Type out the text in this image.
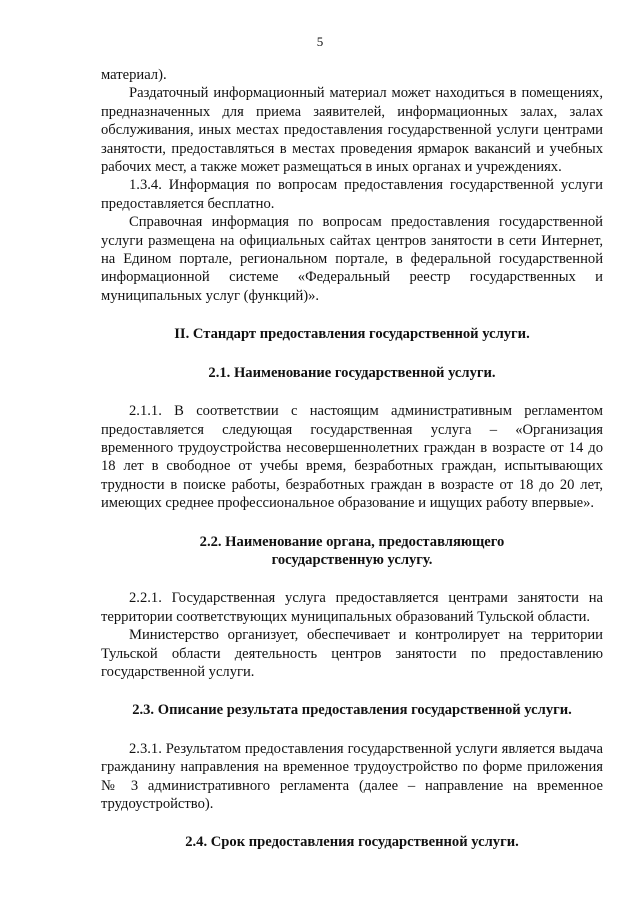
5

материал).

Раздаточный информационный материал может находиться в помещениях, предназначенных для приема заявителей, информационных залах, залах обслуживания, иных местах предоставления государственной услуги центрами занятости, предоставляться в местах проведения ярмарок вакансий и учебных рабочих мест, а также может размещаться в иных органах и учреждениях.

1.3.4. Информация по вопросам предоставления государственной услуги предоставляется бесплатно.

Справочная информация по вопросам предоставления государственной услуги размещена на официальных сайтах центров занятости в сети Интернет, на Едином портале, региональном портале, в федеральной государственной информационной системе «Федеральный реестр государственных и муниципальных услуг (функций)».

II. Стандарт предоставления государственной услуги.
2.1. Наименование государственной услуги.

2.1.1. В соответствии с настоящим административным регламентом предоставляется следующая государственная услуга – «Организация временного трудоустройства несовершеннолетних граждан в возрасте от 14 до 18 лет в свободное от учебы время, безработных граждан, испытывающих трудности в поиске работы, безработных граждан в возрасте от 18 до 20 лет, имеющих среднее профессиональное образование и ищущих работу впервые».

2.2. Наименование органа, предоставляющего
государственную услугу.

2.2.1. Государственная услуга предоставляется центрами занятости на территории соответствующих муниципальных образований Тульской области.

Министерство организует, обеспечивает и контролирует на территории Тульской области деятельность центров занятости по предоставлению государственной услуги.

2.3. Описание результата предоставления государственной услуги.

2.3.1. Результатом предоставления государственной услуги является выдача гражданину направления на временное трудоустройство по форме приложения № 3 административного регламента (далее – направление на временное трудоустройство).

2.4. Срок предоставления государственной услуги.
